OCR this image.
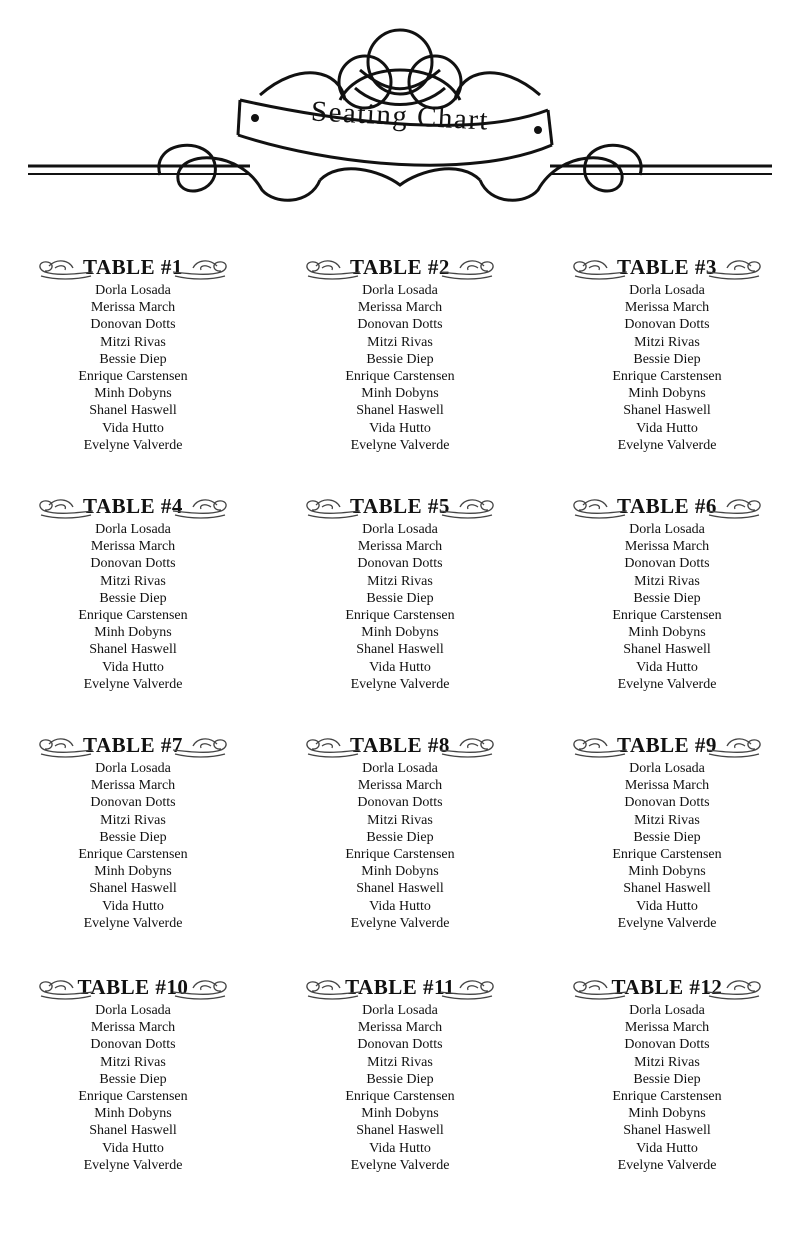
Seating Chart
TABLE #1
Dorla Losada
Merissa March
Donovan Dotts
Mitzi Rivas
Bessie Diep
Enrique Carstensen
Minh Dobyns
Shanel Haswell
Vida Hutto
Evelyne Valverde
TABLE #2
Dorla Losada
Merissa March
Donovan Dotts
Mitzi Rivas
Bessie Diep
Enrique Carstensen
Minh Dobyns
Shanel Haswell
Vida Hutto
Evelyne Valverde
TABLE #3
Dorla Losada
Merissa March
Donovan Dotts
Mitzi Rivas
Bessie Diep
Enrique Carstensen
Minh Dobyns
Shanel Haswell
Vida Hutto
Evelyne Valverde
TABLE #4
Dorla Losada
Merissa March
Donovan Dotts
Mitzi Rivas
Bessie Diep
Enrique Carstensen
Minh Dobyns
Shanel Haswell
Vida Hutto
Evelyne Valverde
TABLE #5
Dorla Losada
Merissa March
Donovan Dotts
Mitzi Rivas
Bessie Diep
Enrique Carstensen
Minh Dobyns
Shanel Haswell
Vida Hutto
Evelyne Valverde
TABLE #6
Dorla Losada
Merissa March
Donovan Dotts
Mitzi Rivas
Bessie Diep
Enrique Carstensen
Minh Dobyns
Shanel Haswell
Vida Hutto
Evelyne Valverde
TABLE #7
Dorla Losada
Merissa March
Donovan Dotts
Mitzi Rivas
Bessie Diep
Enrique Carstensen
Minh Dobyns
Shanel Haswell
Vida Hutto
Evelyne Valverde
TABLE #8
Dorla Losada
Merissa March
Donovan Dotts
Mitzi Rivas
Bessie Diep
Enrique Carstensen
Minh Dobyns
Shanel Haswell
Vida Hutto
Evelyne Valverde
TABLE #9
Dorla Losada
Merissa March
Donovan Dotts
Mitzi Rivas
Bessie Diep
Enrique Carstensen
Minh Dobyns
Shanel Haswell
Vida Hutto
Evelyne Valverde
TABLE #10
Dorla Losada
Merissa March
Donovan Dotts
Mitzi Rivas
Bessie Diep
Enrique Carstensen
Minh Dobyns
Shanel Haswell
Vida Hutto
Evelyne Valverde
TABLE #11
Dorla Losada
Merissa March
Donovan Dotts
Mitzi Rivas
Bessie Diep
Enrique Carstensen
Minh Dobyns
Shanel Haswell
Vida Hutto
Evelyne Valverde
TABLE #12
Dorla Losada
Merissa March
Donovan Dotts
Mitzi Rivas
Bessie Diep
Enrique Carstensen
Minh Dobyns
Shanel Haswell
Vida Hutto
Evelyne Valverde
